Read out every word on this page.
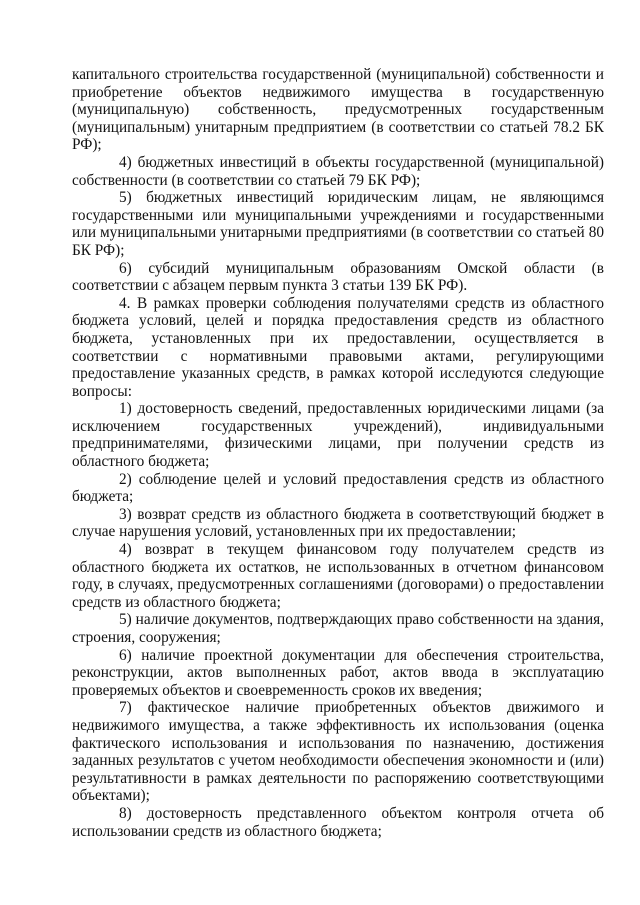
капитального строительства государственной (муниципальной) собственности и приобретение объектов недвижимого имущества в государственную (муниципальную) собственность, предусмотренных государственным (муниципальным) унитарным предприятием (в соответствии со статьей 78.2 БК РФ);

4) бюджетных инвестиций в объекты государственной (муниципальной) собственности (в соответствии со статьей 79 БК РФ);

5) бюджетных инвестиций юридическим лицам, не являющимся государственными или муниципальными учреждениями и государственными или муниципальными унитарными предприятиями (в соответствии со статьей 80 БК РФ);

6) субсидий муниципальным образованиям Омской области (в соответствии с абзацем первым пункта 3 статьи 139 БК РФ).

4. В рамках проверки соблюдения получателями средств из областного бюджета условий, целей и порядка предоставления средств из областного бюджета, установленных при их предоставлении, осуществляется в соответствии с нормативными правовыми актами, регулирующими предоставление указанных средств, в рамках которой исследуются следующие вопросы:

1) достоверность сведений, предоставленных юридическими лицами (за исключением государственных учреждений), индивидуальными предпринимателями, физическими лицами, при получении средств из областного бюджета;

2) соблюдение целей и условий предоставления средств из областного бюджета;

3) возврат средств из областного бюджета в соответствующий бюджет в случае нарушения условий, установленных при их предоставлении;

4) возврат в текущем финансовом году получателем средств из областного бюджета их остатков, не использованных в отчетном финансовом году, в случаях, предусмотренных соглашениями (договорами) о предоставлении средств из областного бюджета;

5) наличие документов, подтверждающих право собственности на здания, строения, сооружения;

6) наличие проектной документации для обеспечения строительства, реконструкции, актов выполненных работ, актов ввода в эксплуатацию проверяемых объектов и своевременность сроков их введения;

7) фактическое наличие приобретенных объектов движимого и недвижимого имущества, а также эффективность их использования (оценка фактического использования и использования по назначению, достижения заданных результатов с учетом необходимости обеспечения экономности и (или) результативности в рамках деятельности по распоряжению соответствующими объектами);

8) достоверность представленного объектом контроля отчета об использовании средств из областного бюджета;
